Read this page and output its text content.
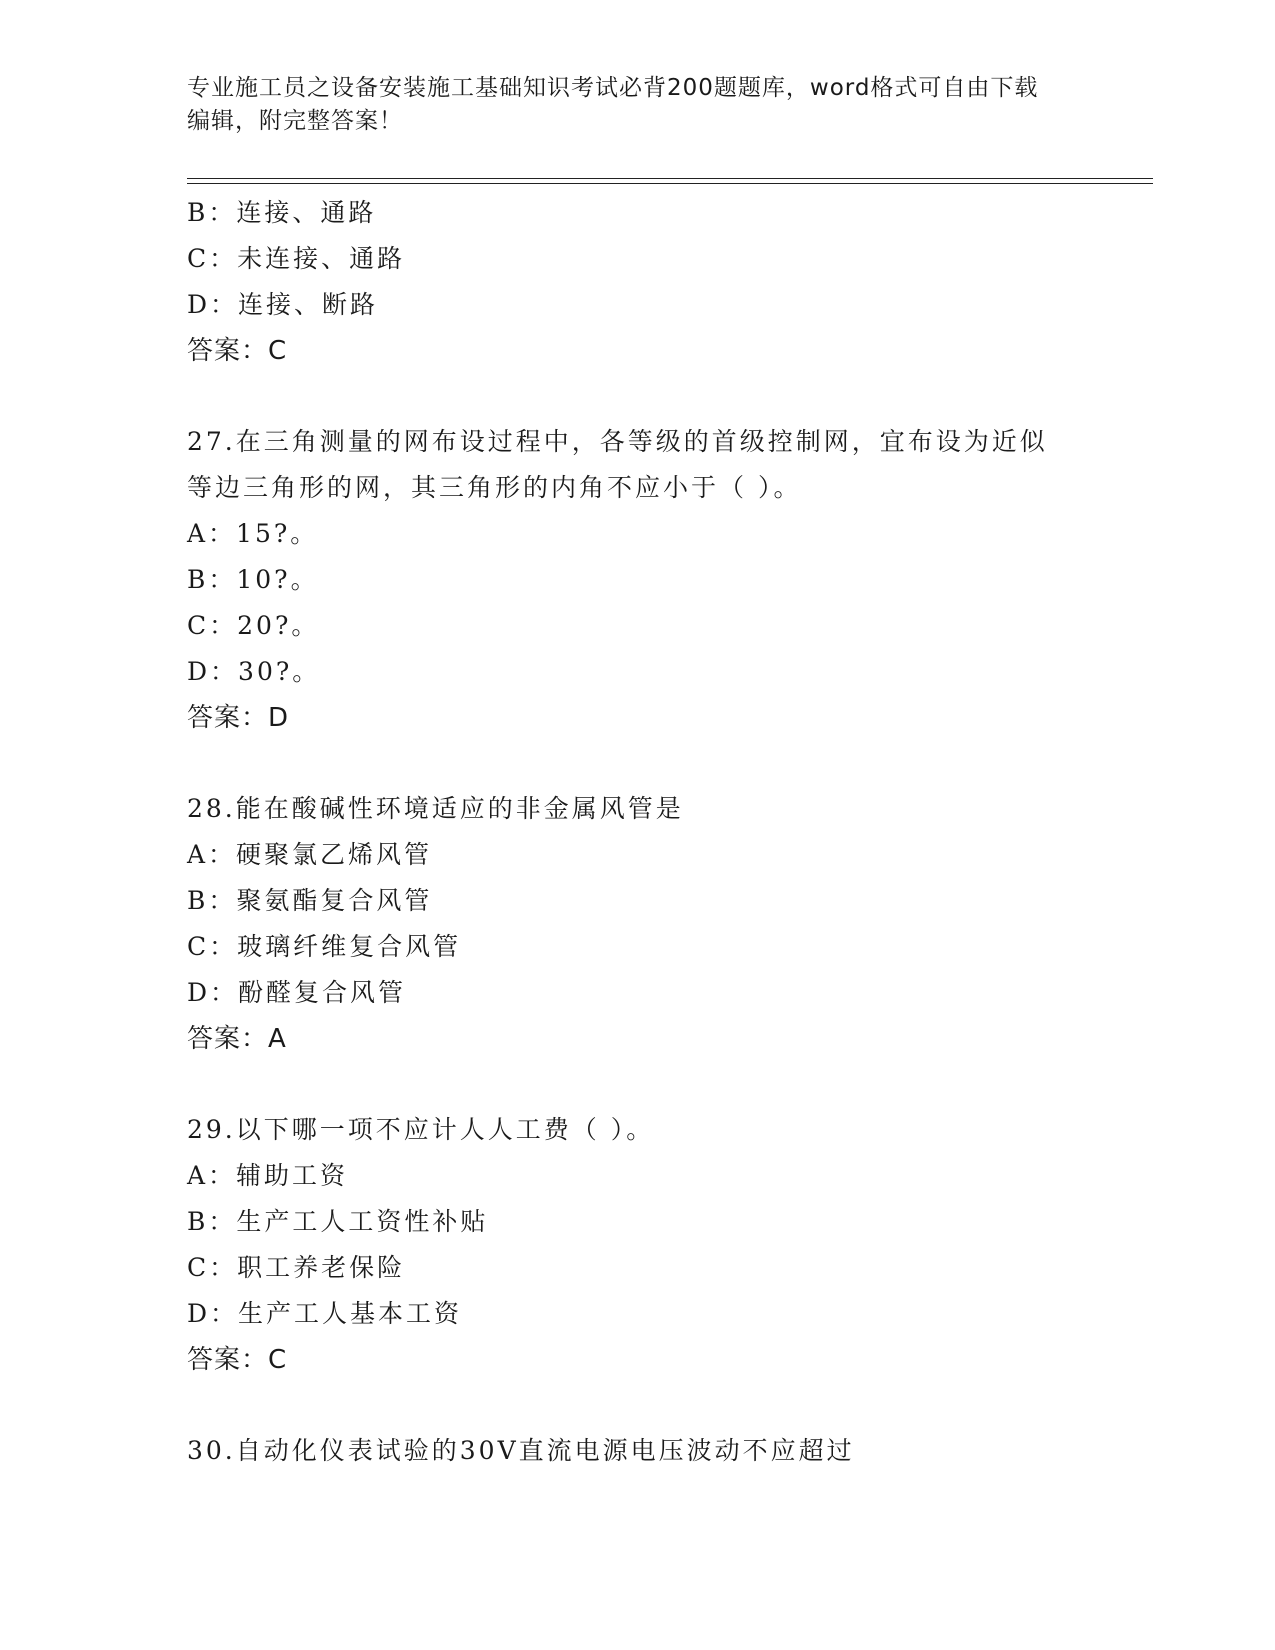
专业施工员之设备安装施工基础知识考试必背200题题库，word格式可自由下载
编辑，附完整答案！
B：连接、通路
C：未连接、通路
D：连接、断路
答案：C
27.在三角测量的网布设过程中，各等级的首级控制网，宜布设为近似
等边三角形的网，其三角形的内角不应小于（ ）。
A：15?。
B：10?。
C：20?。
D：30?。
答案：D
28.能在酸碱性环境适应的非金属风管是
A：硬聚氯乙烯风管
B：聚氨酯复合风管
C：玻璃纤维复合风管
D：酚醛复合风管
答案：A
29.以下哪一项不应计人人工费（ ）。
A：辅助工资
B：生产工人工资性补贴
C：职工养老保险
D：生产工人基本工资
答案：C
30.自动化仪表试验的30V直流电源电压波动不应超过
